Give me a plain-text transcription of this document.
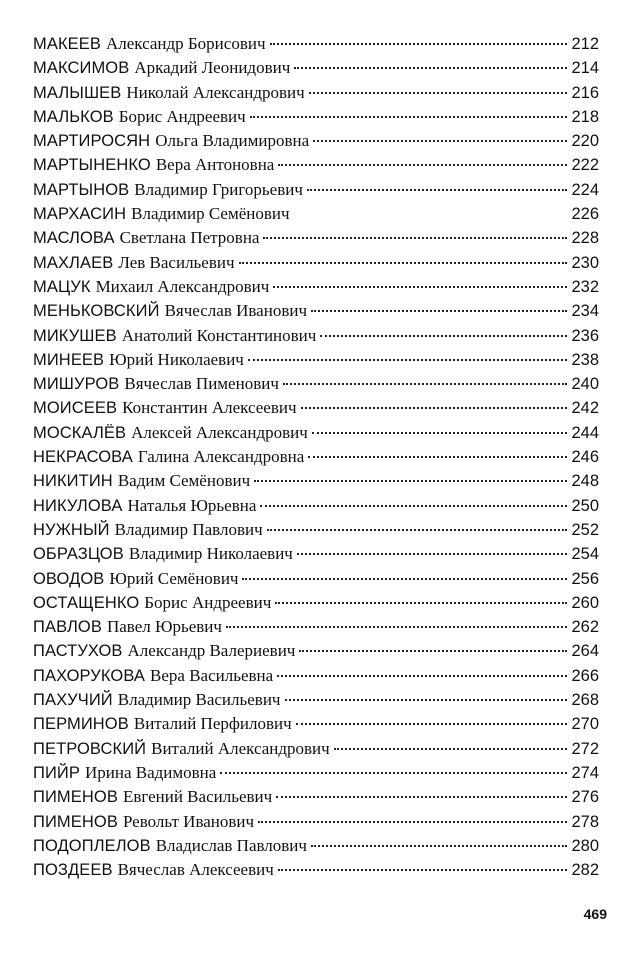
МАКЕЕВ Александр Борисович	212
МАКСИМОВ Аркадий Леонидович	214
МАЛЫШЕВ Николай Александрович	216
МАЛЬКОВ Борис Андреевич	218
МАРТИРОСЯН Ольга Владимировна	220
МАРТЫНЕНКО Вера Антоновна	222
МАРТЫНОВ Владимир Григорьевич	224
МАРХАСИН Владимир Семёнович	226
МАСЛОВА Светлана Петровна	228
МАХЛАЕВ Лев Васильевич	230
МАЦУК Михаил Александрович	232
МЕНЬКОВСКИЙ Вячеслав Иванович	234
МИКУШЕВ Анатолий Константинович	236
МИНЕЕВ Юрий Николаевич	238
МИШУРОВ Вячеслав Пименович	240
МОИСЕЕВ Константин Алексеевич	242
МОСКАЛЁВ Алексей Александрович	244
НЕКРАСОВА Галина Александровна	246
НИКИТИН Вадим Семёнович	248
НИКУЛОВА Наталья Юрьевна	250
НУЖНЫЙ Владимир Павлович	252
ОБРАЗЦОВ Владимир Николаевич	254
ОВОДОВ Юрий Семёнович	256
ОСТАЩЕНКО Борис Андреевич	260
ПАВЛОВ Павел Юрьевич	262
ПАСТУХОВ Александр Валериевич	264
ПАХОРУКОВА Вера Васильевна	266
ПАХУЧИЙ Владимир Васильевич	268
ПЕРМИНОВ Виталий Перфилович	270
ПЕТРОВСКИЙ Виталий Александрович	272
ПИЙР Ирина Вадимовна	274
ПИМЕНОВ Евгений Васильевич	276
ПИМЕНОВ Револьт Иванович	278
ПОДОПЛЕЛОВ Владислав Павлович	280
ПОЗДЕЕВ Вячеслав Алексеевич	282
469
